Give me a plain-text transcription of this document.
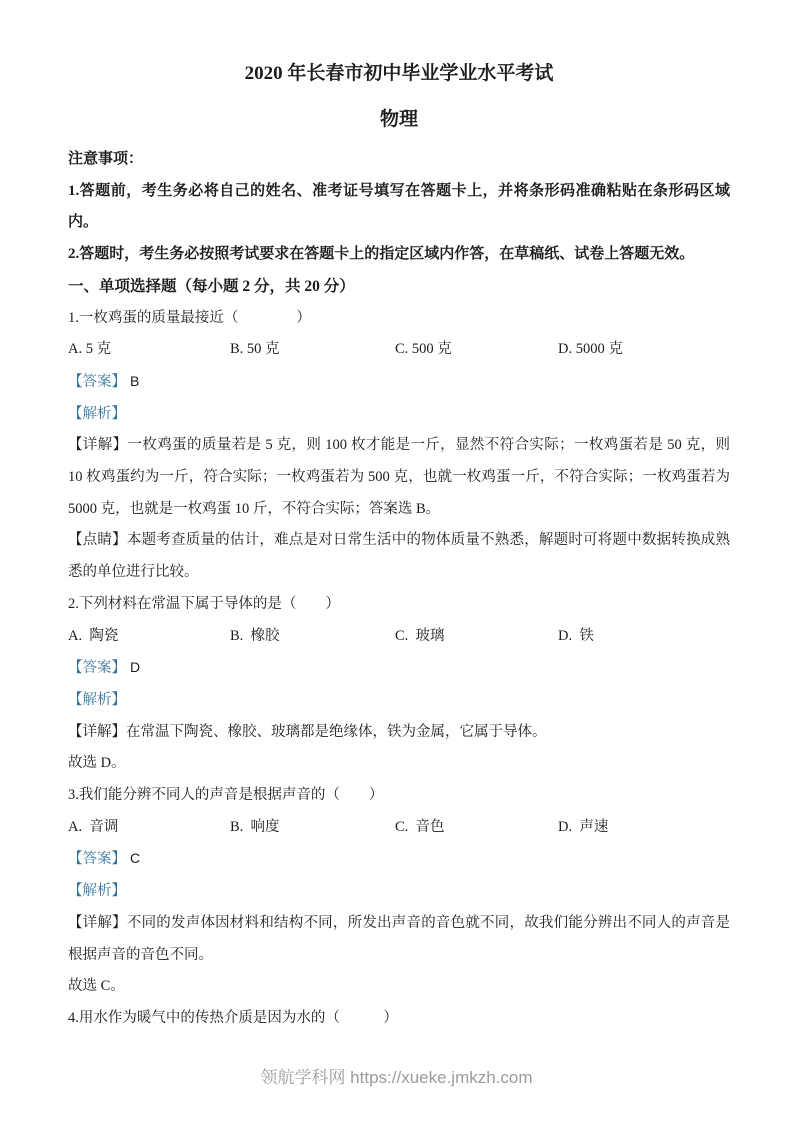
2020 年长春市初中毕业学业水平考试
物理

注意事项：

1.答题前，考生务必将自己的姓名、准考证号填写在答题卡上，并将条形码准确粘贴在条形码区域内。

2.答题时，考生务必按照考试要求在答题卡上的指定区域内作答，在草稿纸、试卷上答题无效。

一、单项选择题（每小题 2 分，共 20 分）

1.一枚鸡蛋的质量最接近（　　　　）

A. 5 克	B. 50 克	C. 500 克	D. 5000 克

【答案】 B

【解析】

【详解】一枚鸡蛋的质量若是 5 克，则 100 枚才能是一斤，显然不符合实际；一枚鸡蛋若是 50 克，则 10 枚鸡蛋约为一斤，符合实际；一枚鸡蛋若为 500 克，也就一枚鸡蛋一斤，不符合实际；一枚鸡蛋若为 5000 克，也就是一枚鸡蛋 10 斤，不符合实际；答案选 B。

【点睛】本题考查质量的估计，难点是对日常生活中的物体质量不熟悉，解题时可将题中数据转换成熟悉的单位进行比较。

2.下列材料在常温下属于导体的是（　　）

A.  陶瓷	B.  橡胶	C.  玻璃	D.  铁

【答案】 D

【解析】

【详解】在常温下陶瓷、橡胶、玻璃都是绝缘体，铁为金属，它属于导体。

故选 D。

3.我们能分辨不同人的声音是根据声音的（　　）

A.  音调	B.  响度	C.  音色	D.  声速

【答案】 C

【解析】

【详解】不同的发声体因材料和结构不同，所发出声音的音色就不同，故我们能分辨出不同人的声音是根据声音的音色不同。

故选 C。

4.用水作为暖气中的传热介质是因为水的（　　　）

领航学科网 https://xueke.jmkzh.com
